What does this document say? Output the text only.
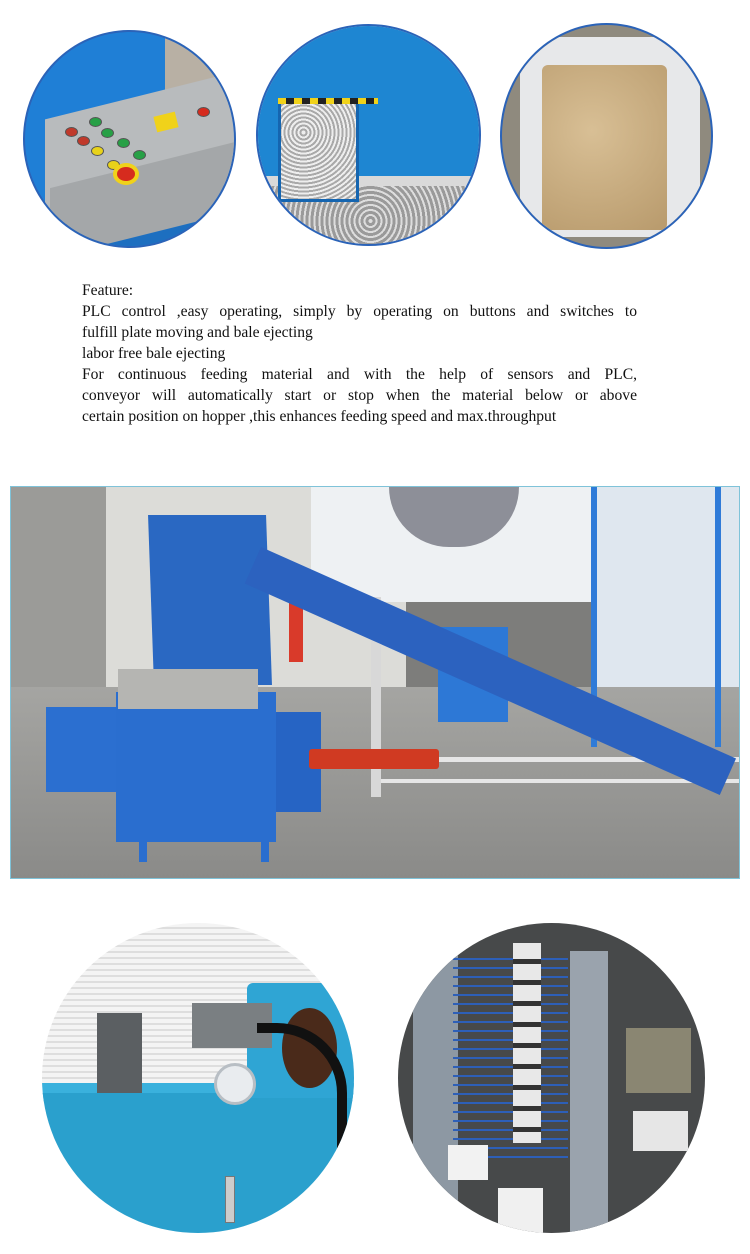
Feature:

PLC control ,easy operating, simply by operating on buttons and switches to

fulfill plate moving and bale ejecting

labor free bale ejecting

For continuous feeding material and with the help of sensors and PLC,

conveyor will automatically start or stop when the material below or above

certain position on hopper ,this enhances feeding speed and max.throughput
